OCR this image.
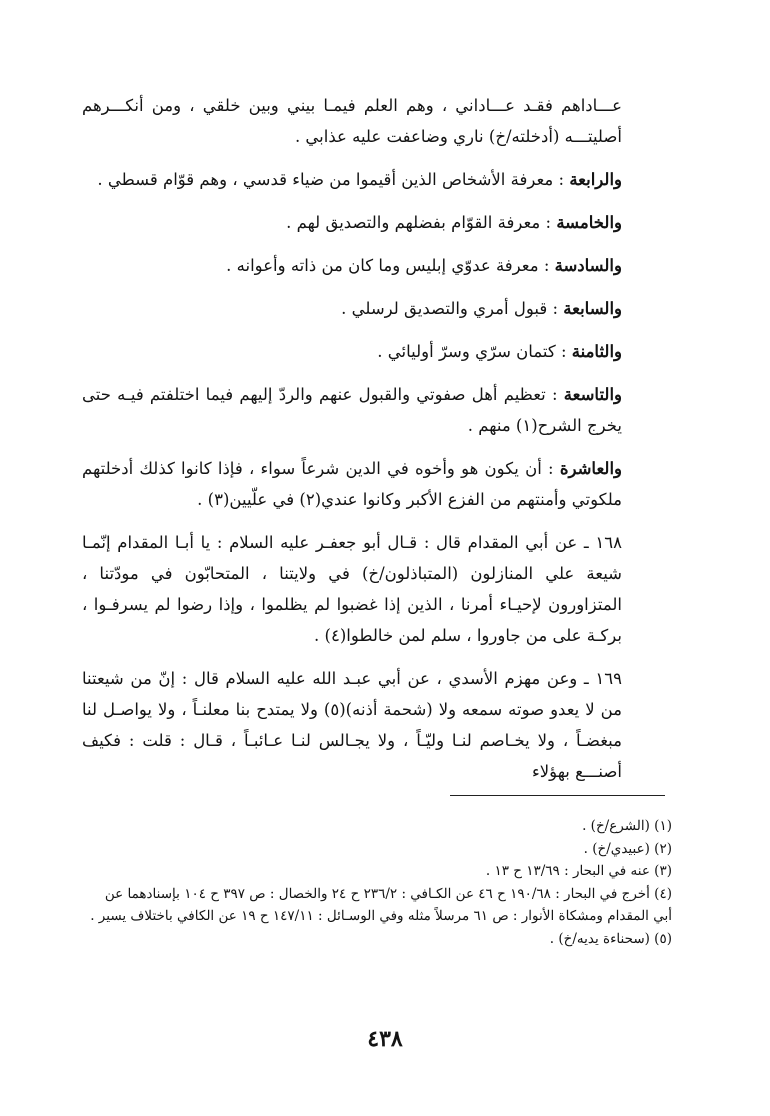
عـــاداهم فقـد عـــاداني ، وهم العلم فيمـا بيني وبين خلقي ، ومن أنكـــرهم أصليتـــه (أدخلته/خ) ناري وضاعفت عليه عذابي .

والرابعة : معرفة الأشخاص الذين أقيموا من ضياء قدسي ، وهم قوّام قسطي .

والخامسة : معرفة القوّام بفضلهم والتصديق لهم .

والسادسة : معرفة عدوّي إبليس وما كان من ذاته وأعوانه .

والسابعة : قبول أمري والتصديق لرسلي .

والثامنة : كتمان سرّي وسرّ أوليائي .

والتاسعة : تعظيم أهل صفوتي والقبول عنهم والردّ إليهم فيما اختلفتم فيـه حتى يخرج الشرح(١) منهم .

والعاشرة : أن يكون هو وأخوه في الدين شرعاً سواء ، فإذا كانوا كذلك أدخلتهم ملكوتي وأمنتهم من الفزع الأكبر وكانوا عندي(٢) في علّيين(٣) .

١٦٨ ـ عن أبي المقدام قال : قـال أبو جعفـر عليه السلام : يا أبـا المقدام إنّمـا شيعة علي المنازلون (المتباذلون/خ) في ولايتنا ، المتحابّون في مودّتنا ، المتزاورون لإحيـاء أمرنا ، الذين إذا غضبوا لم يظلموا ، وإذا رضوا لم يسرفـوا ، بركـة على من جاوروا ، سلم لمن خالطوا(٤) .

١٦٩ ـ وعن مهزم الأسدي ، عن أبي عبـد الله عليه السلام قال : إنّ من شيعتنا من لا يعدو صوته سمعه ولا (شحمة أذنه)(٥) ولا يمتدح بنا معلنـاً ، ولا يواصـل لنا مبغضـاً ، ولا يخـاصم لنـا وليّـاً ، ولا يجـالس لنـا عـائبـاً ، قـال : قلت : فكيف أصنـــع بهؤلاء

(١) (الشرع/خ) .

(٢) (عبيدي/خ) .

(٣) عنه في البحار : ١٣/٦٩ ح ١٣ .

(٤) أخرج في البحار : ١٩٠/٦٨ ح ٤٦ عن الكـافي : ٢٣٦/٢ ح ٢٤ والخصال : ص ٣٩٧ ح ١٠٤ بإسنادهما عن أبي المقدام ومشكاة الأنوار : ص ٦١ مرسلاً مثله وفي الوسـائل : ١٤٧/١١ ح ١٩ عن الكافي باختلاف يسير .

(٥) (سحناءة يديه/خ) .

٤٣٨
